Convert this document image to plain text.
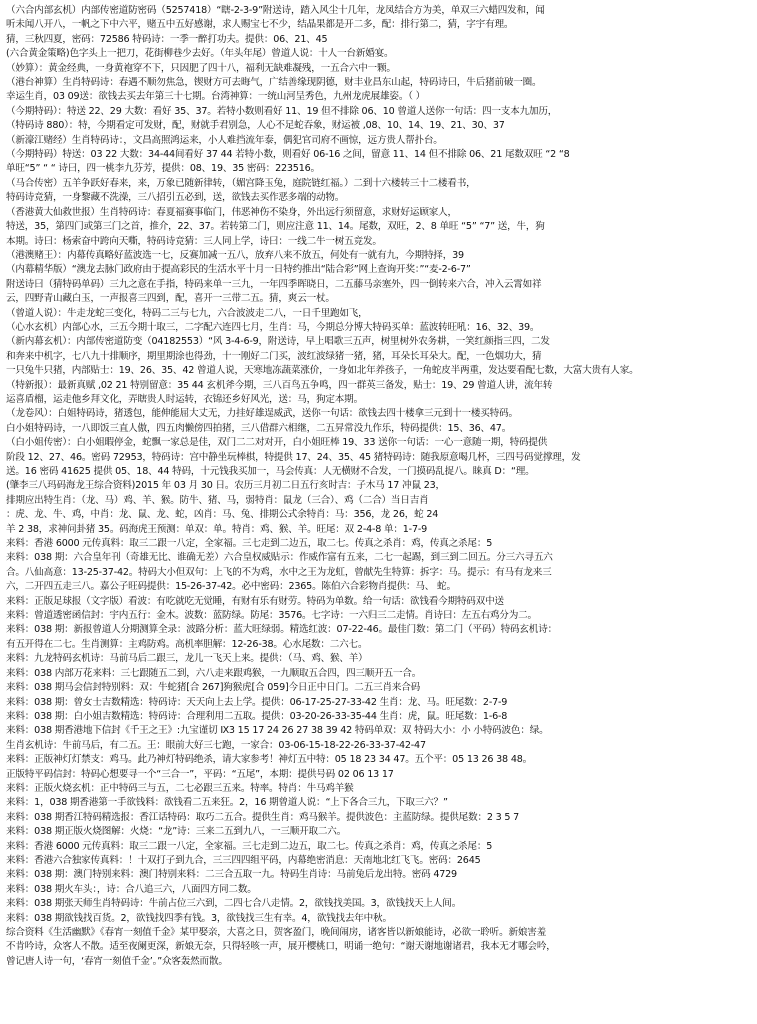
（六合内部玄机）内部传密道防密码（5257418）“瞎-2-3-9”附送诗，踏入风尘十几年，龙凤结合方为美，单双三六蜡四发和，闻
听未闻八开八，一帆之下中六平，赌五中五好感谢，求人赐宝七不少，结晶果都是开二多，配：排行第二，猜，字宇有理。
猜，三秋四夏，密码：72586 特码诗：一季一醉打功夫。提供：06、21、45
(六合黄金策略)色字头上一把刀，花街柳巷少去好。（年头年尾）曾道人说：十人一台新婚宴。
（妙算）：黄金经典，一身黄袍穿不下，只因肥了四十八，福利无缺难凝残，一五合六中一颗。
（港台神算）生肖特码诗：春遇不顺勿焦急，锲财方可去晦气，广结善缘现阴德，财丰业昌东山起，特码诗曰，牛后猪前破一圈。
幸运生肖，03 09送：欲钱去买去年第三十七期。台湾神算：一统山河呈秀色，九州龙虎展雄姿。（ ）
（今期特码）：特送 22、29 大数：看好 35、37。若特小数则看好 11、19 但不排除 06、10 曾道人送你一句话：四一支本九加历，
（特码诗 880）：特，今期看定可发财，配，财就手君别急，人心不足蛇吞象，财运被 ,08、10、14、19、21、30、37
（新濠江赌经）生肖特码诗：，文昌高照鸿运来，小人难挡流年泰，偶犯官司府不画惊，远方贵人帮扑台。
（今期特码）特送：03 22 大数：34-44间看好 37 44 若特小数，则看好 06-16 之间，留意 11、14 但不排除 06、21 尾数双旺 “2 “8
单旺“5” “ “ 诗曰，四一桃李九芬芳，提供：08、19、35 密码：223516。
（马合传密）五羊争跃好春来，来，万象已随新律转，（媚宫降玉兔，庭院链红福。）二到十六楼转三十二楼看书，
特码诗竞猜，一身黎藏不洗澡，三八招引五必到，送，欲钱去买作恶多端的动物。
（香港黄大仙救世报）生肖特码诗：春夏福赛事临门，伟恶神伤不染身，外出远行须留意，求财好运顾家人，
特送，35，第四门或第三门之首，推介，22、37。若转第二门，则应注意 11、14。尾数，双旺，2、8 单旺 “5” “7” 送，牛，狗
本期。诗曰：杨索奋中跨向天嘶，特码诗竞猜：三人同上学，诗曰：一线二牛一树五竞发。
（港澳赌王）：内幕传真略好蓝波选一七，反赛加减一五八，放弃八来不放五，何处有一就有九，今期特择，39
（内幕精华版）“澳龙去脉门政府由于提高彩民的生活水平十月一日特约推出“陆合彩”网上查询开奖：”“麦-2-6-7”
附送诗曰（猜特码单码）三九之意在手指，特码来单一三九，一年四季晖晓日，二五藤马亲塞外，四一倒转来六合，冲入云霄如祥
云，四野青山藏白玉，一声报喜三四到，配，喜开一三带二五。猜，爽云一杖。
（曾道人说）：牛走龙蛇三变化，特码二三与七九，六合波波走二八，一日千里跑如飞，
（心水玄机）内部心水，三五今期十取三，二字配六连四七月，生肖：马，今期总分博大特码买单：蓝波转旺吼：16、32、39。
（新内幕玄机）：内部传密道防变（04182553）“风 3-4-6-9，附送诗，早上唱歌三五声，树里树外农务耕，一笑红颜指三四，二发
和奔来中机字，七八九十排顺序，期里期涂也得劲，十一刚好二门买，波红波绿猪一猪，猪，耳朵长耳朵大。配，一色烟功大，猜
一只兔牛只猪，内部贴士：19、26、35、42 曾道人说，天寒地冻蔬菜涨价，一身如北年养孩子，一角蛇皮半两重，发达要看配七数，大富大贵有人家。
（特新报）：最新真赋 ,02 21 特别留意：35 44 玄机斧今期，三八百鸟五争鸣，四一群英三备发，贴士：19、29 曾道人讲，流年转
运喜盾榴，运走他乡拜文化，弄瞎贵人时运转，衣锦还乡好风光，送：马，狗定本期。
（龙卷风）：白姐特码诗，猪透包，能伸能屈大丈无，力挂好雄逞威武，送你一句话：欲钱去四十楼拿三元到十一楼买特码。
白小姐特码诗，一八即饭三直人傲，四五肉懒傍四拍猪，三八借群六相继，二五昇常没九作乐，特码提供：15、36、47。
（白小姐传密）：白小姐暇停金，蛇飘一家总是佳，双门二二对对开，白小姐旺棒 19、33 送你一句话：一心一意随一期，特码提供
阶段 12、27、46。密码 72953，特码诗：宫中静坐玩棒棋，特提供 17、24、35、45 猪特码诗：随我原意喝几杯，三四号码觉撑理，发
送。16 密码 41625 提供 05、18、44 特码，十元钱我买加一，马会传真：人无横财不合发，一门摸码乱捉八。睐真 D：“理。
(肇李三八玛码海龙王综合资料)2015 年 03 月 30 日。农历三月初二日五行亥时吉：子木马 17 冲鼠 23，
排期应出特生肖：（龙、马）鸡、羊、猴。防牛、猪、马，弱特肖：鼠龙（三合）、鸡（二合）当日吉肖
：虎、龙、牛、鸡，中肖：龙、鼠、龙、蛇，凶肖：马、兔、排期公式余特肖：马：356，龙 26，蛇 24
羊 2 38，求神问卦猪 35。码海虎王预测：单双：单。特肖：鸡、猴、羊。旺尾：双 2-4-8 单：1-7-9
来料：香港 6000 元传真料：取三二跟一八定，全家福。三七走到二边五，取二七。传真之杀肖：鸡，传真之杀尾：5
来料：038 期：六合皇年刊（奇雄无比、谁确无差）六合皇权威贴示：作威作富有五来，二七一起踢，到三到二回五。分三六寻五六
合。八仙高意：13-25-37-42。特码大小但双句：上飞的不为鸡，水中之王为龙虹，曾献先生特算：拆字：马。提示：有马有龙来三
六，二开四五走三八。嘉公子旺码提供：15-26-37-42。必中密码：2365。陈伯六合彩物肖提供：马、 蛇。
来料：正版足球报（文字版）看波：有吃就吃无觉睡，有财有乐有财劳。特码为单数。给一句话：欲钱看今期特码双中送
来料：曾道透密函信封：宇内五行：金木。波数：蓝防绿。防尾：3576。七字诗：一六归三二走情。肖诗曰：左五右鸡分为二。
来料：038 期：新报曾道人分期测算全录：波路分析：蓝大旺绿弱。精选红波：07-22-46。最佳门数：第二门（平码）特码玄机诗：
有五开得在二七。生肖测算：主鸡防鸡。高机率胆解：12-26-38。心水尾数：二六七。
来料：九龙特码玄机诗：马前马后二跟三，龙儿一飞天上来。提供：（马、鸡、猴、羊）
来料：038 内部万花来料：三七跟随五二到，六八走来跟鸡猴，一九顺取五合四，四三顺开五一合。
来料：038 期马会信封特别料：双：牛蛇猪[合 267]狗猴虎[合 059]今日正中日门。二五三肖来合码
来料：038 期：曾女士吉数精选：特码诗：天天向上去上学。提供：06-17-25-27-33-42 生肖：龙、马。旺尾数：2-7-9
来料：038 期：白小姐吉数精选：特码诗：合理利用二五取。提供：03-20-26-33-35-44 生肖：虎，鼠。旺尾数：1-6-8
来料：038 期香港地下信封《千王之王》:九宝谨切 Ⅸ3 15 17 24 26 27 38 39 42 特码单双：双 特码大小：小 小特码波色：绿。
生肖玄机诗：牛前马后，有二五。王：眼前大好三七跑，一家合：03-06-15-18-22-26-33-37-42-47
来料：正版神灯灯禁支：鸡马。此乃神灯特码绝杀，请大家参考！神灯五中特：05 18 23 34 47。五个平：05 13 26 38 48。
正版特平码信封：特码心想要寻一个“三合一”，平码：“五尾”，本期：提供号码 02 06 13 17
来料：正版火烧玄机：正中特码三与五，二七必跟三五来。特率。特肖：牛马鸡羊猴
来料：1，038 期香港第一手欲钱料：欲钱看二五来狂。2，16 期曾道人说：“上下各合三九，下取三六？”
来料：038 期香江特码精选报：香江话特码：取巧二五合。提供生肖：鸡马猴羊。提供波色：主蓝防绿。提供尾数：2 3 5 7
来料：038 期正版火烧图解：火烧：“龙”诗：三来二五到九八，一三顺开取二六。
来料：香港 6000 元传真料：取三二跟一八定，全家福。三七走到二边五，取二七。传真之杀肖：鸡，传真之杀尾：5
来料：香港六合独家传真料：！十双打子到九合，三三四四组平码，内幕绝密消息：天南地北红飞飞。密码：2645
来料：038 期：澳门特别来料：澳门特别来料：二三合五取一九。特码生肖诗：马前兔后龙出特。密码 4729
来料：038 期火车头：，诗：合八追三六，八面四方同二数。
来料：038 期张天师生肖特码诗：牛前占位三六到，二四七合八走情。2，欲钱找美国。3，欲钱找天上人间。
来料：038 期欲钱找百货。2，欲钱找四季有钱。3，欲钱找三生有幸。4，欲钱找去年中秋。
综合资料《生活幽默》《春宵一刻值千金》某甲娶亲，大喜之日，贺客盈门，晚间闹房，诸客皆以新娘能诗，必欲一聆听。新娘害羞
不肯吟诗，众客人不散。适至夜阑更深，新娘无奈，只得轻咳一声，展开樱桃口，明诵一绝句：“谢天谢地谢诸君，我本无才哪会吟，
曾记唐人诗一句，‘春宵一刻值千金’。”众客轰然而散。
